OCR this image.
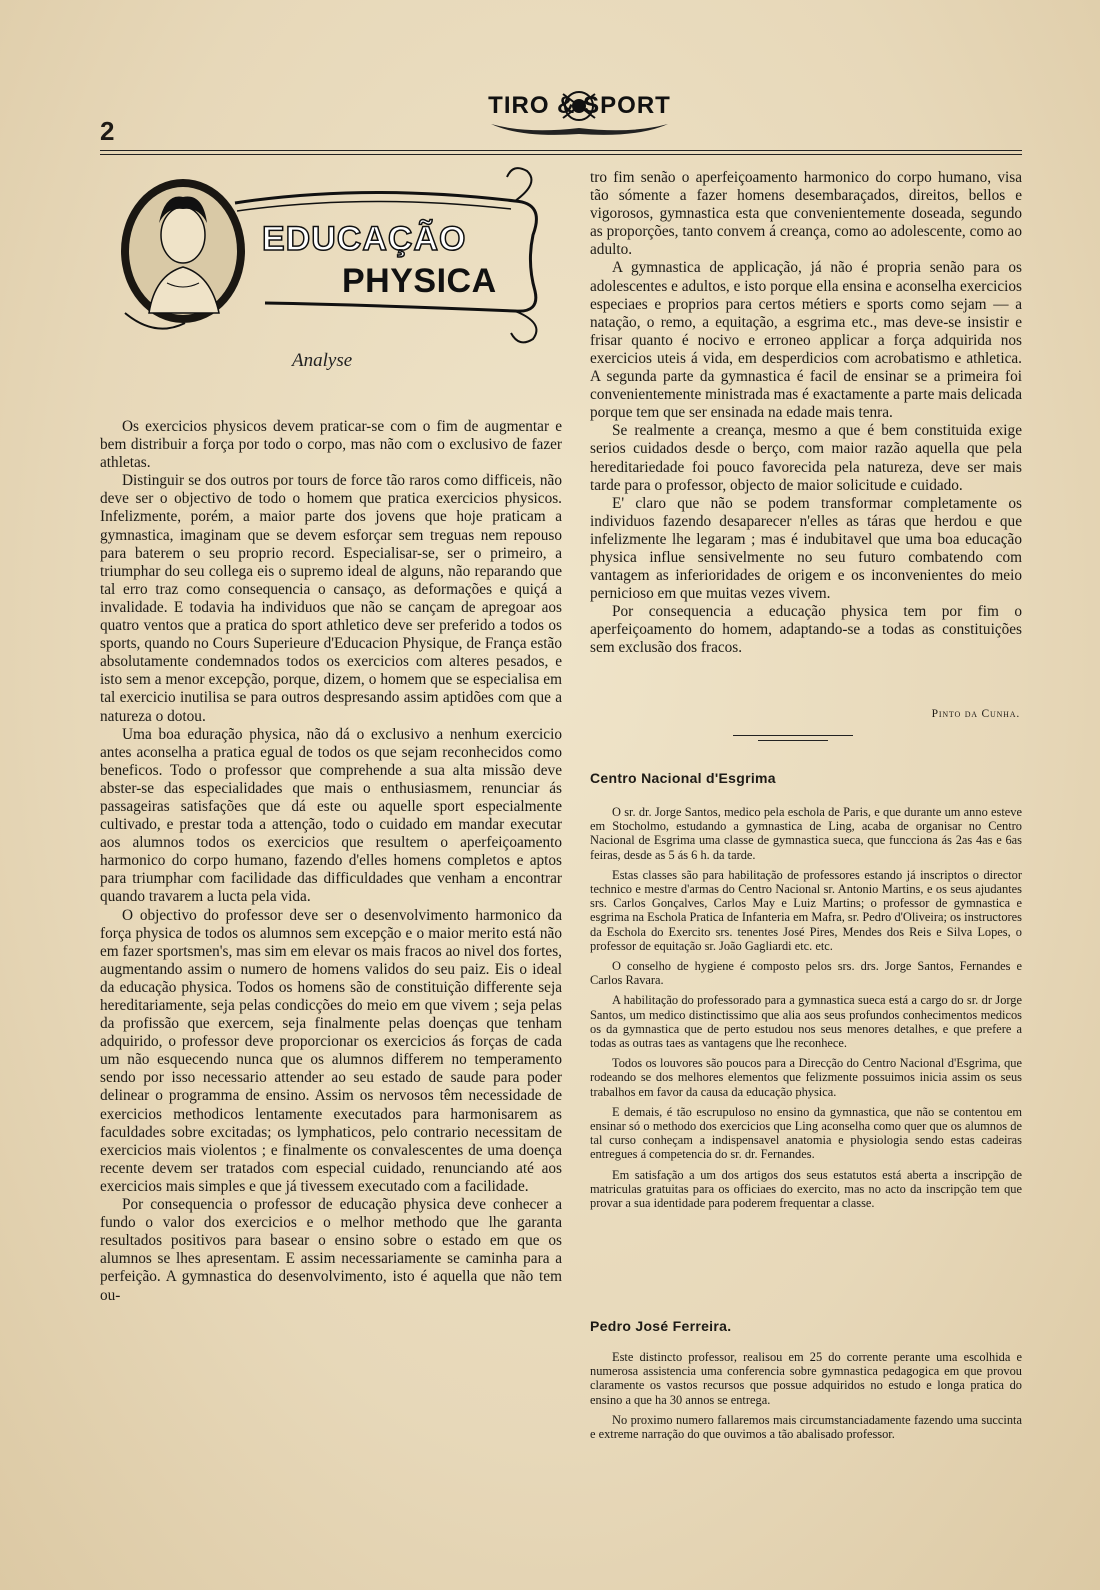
2
TIRO & SPORT
EDUCAÇÃO
PHYSICA
Analyse

Os exercicios physicos devem praticar-se com o fim de augmentar e bem distribuir a força por todo o corpo, mas não com o exclusivo de fazer athletas.

Distinguir se dos outros por tours de force tão raros como difficeis, não deve ser o objectivo de todo o homem que pratica exercicios physicos. Infelizmente, porém, a maior parte dos jovens que hoje praticam a gymnastica, imaginam que se devem esforçar sem treguas nem repouso para baterem o seu proprio record. Especialisar-se, ser o primeiro, a triumphar do seu collega eis o supremo ideal de alguns, não reparando que tal erro traz como consequencia o cansaço, as deformações e quiçá a invalidade. E todavia ha individuos que não se cançam de apregoar aos quatro ventos que a pratica do sport athletico deve ser preferido a todos os sports, quando no Cours Superieure d'Educacion Physique, de França estão absolutamente condemnados todos os exercicios com alteres pesados, e isto sem a menor excepção, porque, dizem, o homem que se especialisa em tal exercicio inutilisa se para outros despresando assim aptidões com que a natureza o dotou.

Uma boa eduração physica, não dá o exclusivo a nenhum exercicio antes aconselha a pratica egual de todos os que sejam reconhecidos como beneficos. Todo o professor que comprehende a sua alta missão deve abster-se das especialidades que mais o enthusiasmem, renunciar ás passageiras satisfações que dá este ou aquelle sport especialmente cultivado, e prestar toda a attenção, todo o cuidado em mandar executar aos alumnos todos os exercicios que resultem o aperfeiçoamento harmonico do corpo humano, fazendo d'elles homens completos e aptos para triumphar com facilidade das difficuldades que venham a encontrar quando travarem a lucta pela vida.

O objectivo do professor deve ser o desenvolvimento harmonico da força physica de todos os alumnos sem excepção e o maior merito está não em fazer sportsmen's, mas sim em elevar os mais fracos ao nivel dos fortes, augmentando assim o numero de homens validos do seu paiz. Eis o ideal da educação physica. Todos os homens são de constituição differente seja hereditariamente, seja pelas condicções do meio em que vivem ; seja pelas da profissão que exercem, seja finalmente pelas doenças que tenham adquirido, o professor deve proporcionar os exercicios ás forças de cada um não esquecendo nunca que os alumnos differem no temperamento sendo por isso necessario attender ao seu estado de saude para poder delinear o programma de ensino. Assim os nervosos têm necessidade de exercicios methodicos lentamente executados para harmonisarem as faculdades sobre excitadas; os lymphaticos, pelo contrario necessitam de exercicios mais violentos ; e finalmente os convalescentes de uma doença recente devem ser tratados com especial cuidado, renunciando até aos exercicios mais simples e que já tivessem executado com a facilidade.

Por consequencia o professor de educação physica deve conhecer a fundo o valor dos exercicios e o melhor methodo que lhe garanta resultados positivos para basear o ensino sobre o estado em que os alumnos se lhes apresentam. E assim necessariamente se caminha para a perfeição. A gymnastica do desenvolvimento, isto é aquella que não tem ou-

tro fim senão o aperfeiçoamento harmonico do corpo humano, visa tão sómente a fazer homens desembaraçados, direitos, bellos e vigorosos, gymnastica esta que convenientemente doseada, segundo as proporções, tanto convem á creança, como ao adolescente, como ao adulto.

A gymnastica de applicação, já não é propria senão para os adolescentes e adultos, e isto porque ella ensina e aconselha exercicios especiaes e proprios para certos métiers e sports como sejam — a natação, o remo, a equitação, a esgrima etc., mas deve-se insistir e frisar quanto é nocivo e erroneo applicar a força adquirida nos exercicios uteis á vida, em desperdicios com acrobatismo e athletica. A segunda parte da gymnastica é facil de ensinar se a primeira foi convenientemente ministrada mas é exactamente a parte mais delicada porque tem que ser ensinada na edade mais tenra.

Se realmente a creança, mesmo a que é bem constituida exige serios cuidados desde o berço, com maior razão aquella que pela hereditariedade foi pouco favorecida pela natureza, deve ser mais tarde para o professor, objecto de maior solicitude e cuidado.

E' claro que não se podem transformar completamente os individuos fazendo desaparecer n'elles as táras que herdou e que infelizmente lhe legaram ; mas é indubitavel que uma boa educação physica influe sensivelmente no seu futuro combatendo com vantagem as inferioridades de origem e os inconvenientes do meio pernicioso em que muitas vezes vivem.

Por consequencia a educação physica tem por fim o aperfeiçoamento do homem, adaptando-se a todas as constituições sem exclusão dos fracos.

Pinto da Cunha.
Centro Nacional d'Esgrima

O sr. dr. Jorge Santos, medico pela eschola de Paris, e que durante um anno esteve em Stocholmo, estudando a gymnastica de Ling, acaba de organisar no Centro Nacional de Esgrima uma classe de gymnastica sueca, que funcciona ás 2as 4as e 6as feiras, desde as 5 ás 6 h. da tarde.

Estas classes são para habilitação de professores estando já inscriptos o director technico e mestre d'armas do Centro Nacional sr. Antonio Martins, e os seus ajudantes srs. Carlos Gonçalves, Carlos May e Luiz Martins; o professor de gymnastica e esgrima na Eschola Pratica de Infanteria em Mafra, sr. Pedro d'Oliveira; os instructores da Escholа do Exercito srs. tenentes José Pires, Mendes dos Reis e Silva Lopes, o professor de equitação sr. João Gagliardi etc. etc.

O conselho de hygiene é composto pelos srs. drs. Jorge Santos, Fernandes e Carlos Ravara.

A habilitação do professorado para a gymnastica sueca está a cargo do sr. dr Jorge Santos, um medico distinctissimo que alia aos seus profundos conhecimentos medicos os da gymnastica que de perto estudou nos seus menores detalhes, e que prefere a todas as outras taes as vantagens que lhe reconhece.

Todos os louvores são poucos para a Direcção do Centro Nacional d'Esgrima, que rodeando se dos melhores elementos que felizmente possuimos inicia assim os seus trabalhos em favor da causa da educação physica.

E demais, é tão escrupuloso no ensino da gymnastica, que não se contentou em ensinar só o methodo dos exercicios que Ling aconselha como quer que os alumnos de tal curso conheçam a indispensavel anatomia e physiologia sendo estas cadeiras entregues á competencia do sr. dr. Fernandes.

Em satisfação a um dos artigos dos seus estatutos está aberta a inscripção de matriculas gratuitas para os officiaes do exercito, mas no acto da inscripção tem que provar a sua identidade para poderem frequentar a classe.

Pedro José Ferreira.

Este distincto professor, realisou em 25 do corrente perante uma escolhida e numerosa assistencia uma conferencia sobre gymnastica pedagogica em que provou claramente os vastos recursos que possue adquiridos no estudo e longa pratica do ensino a que ha 30 annos se entrega.

No proximo numero fallaremos mais circumstanciadamente fazendo uma succinta e extreme narração do que ouvimos a tão abalisado professor.
